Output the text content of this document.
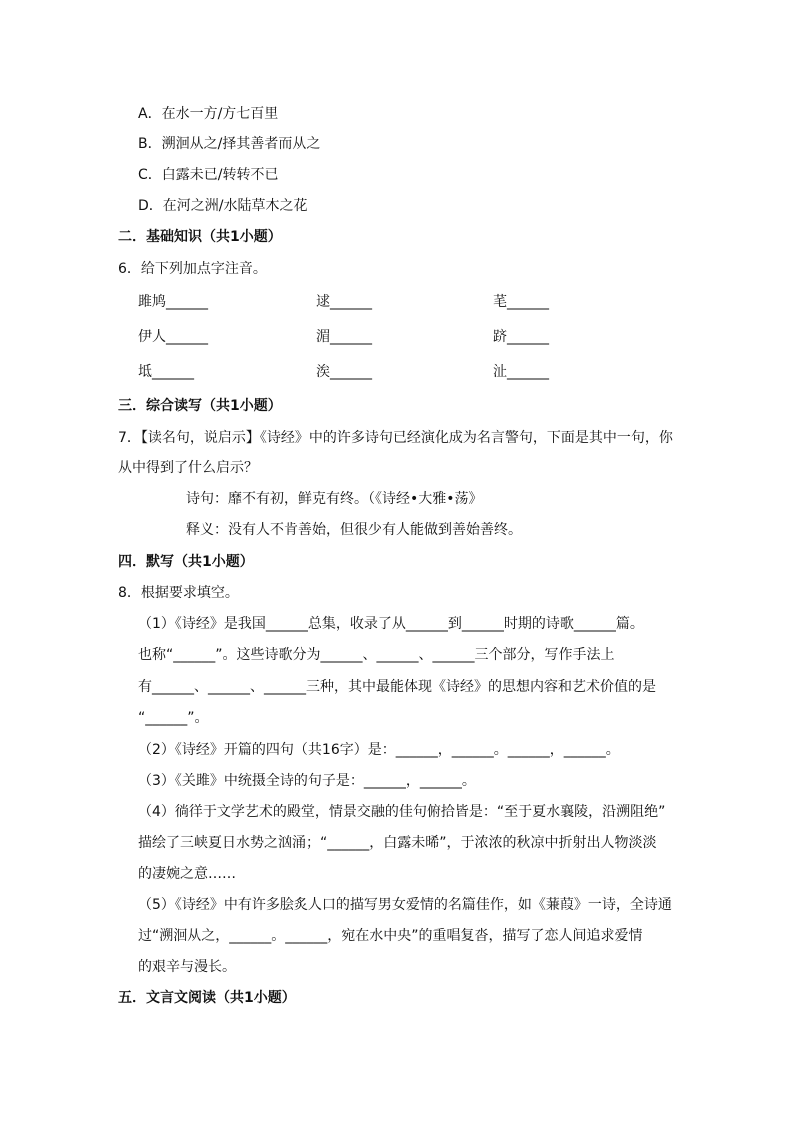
A．在水一方/方七百里
B．溯洄从之/择其善者而从之
C．白露未已/转转不已
D．在河之洲/水陆草木之花
二．基础知识（共1小题）
6．给下列加点字注音。
雎鸠______	逑______	芼______
伊人______	湄______	跻______
坻______	涘______	沚______
三．综合读写（共1小题）
7．【读名句，说启示】《诗经》中的许多诗句已经演化成为名言警句，下面是其中一句，你
从中得到了什么启示？
诗句：靡不有初，鲜克有终。（《诗经•大雅•荡》
释义：没有人不肯善始，但很少有人能做到善始善终。
四．默写（共1小题）
8．根据要求填空。
（1）《诗经》是我国______总集，收录了从______到______时期的诗歌______篇。
也称“______”。这些诗歌分为______、______、______三个部分，写作手法上
有______、______、______三种，其中最能体现《诗经》的思想内容和艺术价值的是
“______”。
（2）《诗经》开篇的四句（共16字）是：______，______。______，______。
（3）《关雎》中统摄全诗的句子是：______，______。
（4）徜徉于文学艺术的殿堂，情景交融的佳句俯拾皆是：“至于夏水襄陵，沿溯阻绝”
描绘了三峡夏日水势之汹涌；“______，白露未晞”，于浓浓的秋凉中折射出人物淡淡
的凄婉之意……
（5）《诗经》中有许多脍炙人口的描写男女爱情的名篇佳作，如《蒹葭》一诗，全诗通
过“溯洄从之，______。______，宛在水中央”的重唱复沓，描写了恋人间追求爱情
的艰辛与漫长。
五．文言文阅读（共1小题）
